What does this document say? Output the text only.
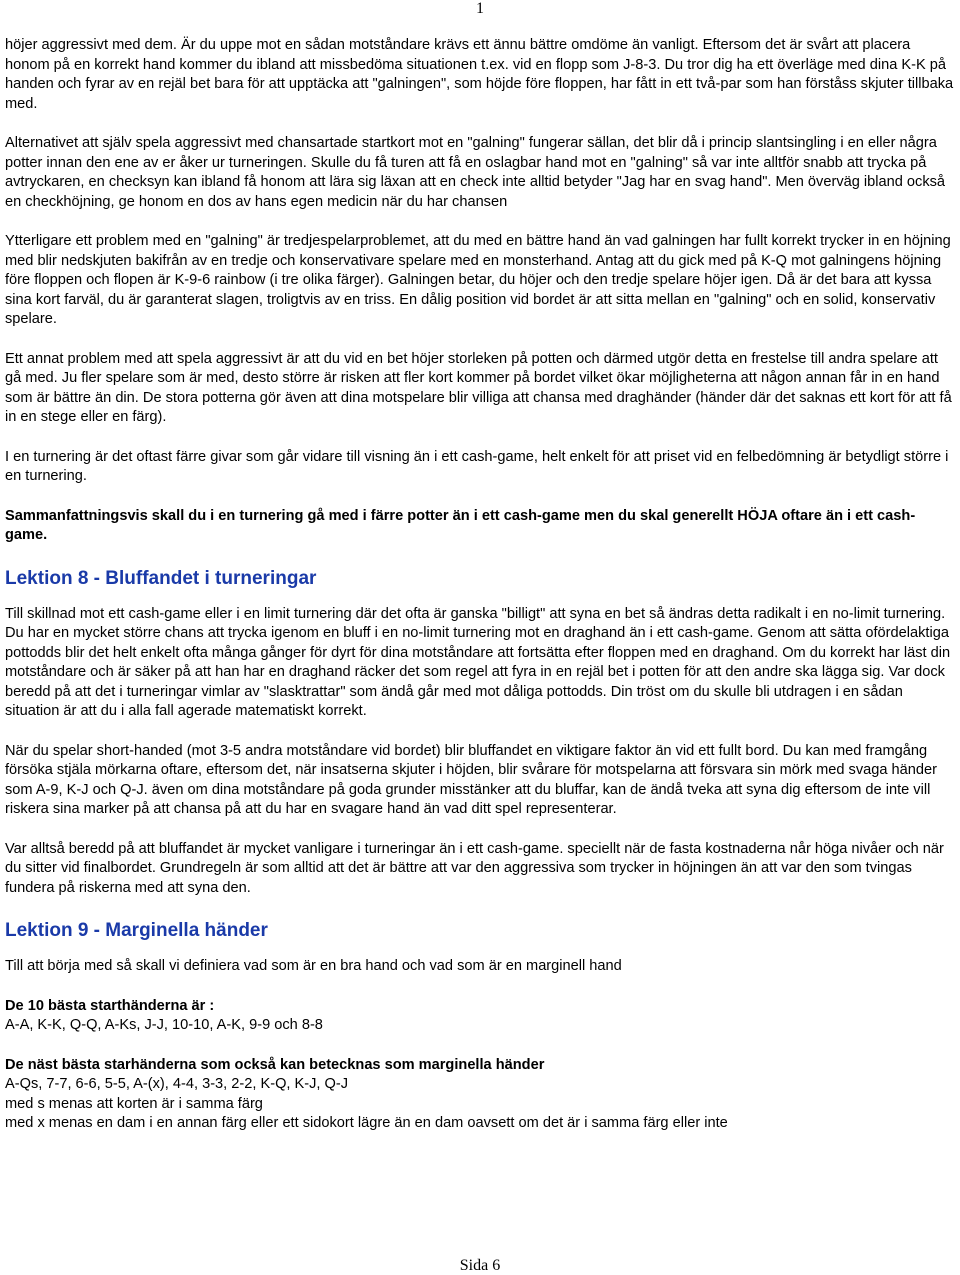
1

höjer aggressivt med dem. Är du uppe mot en sådan motståndare krävs ett ännu bättre omdöme än vanligt. Eftersom det är svårt att placera honom på en korrekt hand kommer du ibland att missbedöma situationen t.ex. vid en flopp som J-8-3. Du tror dig ha ett överläge med dina K-K på handen och fyrar av en rejäl bet bara för att upptäcka att "galningen", som höjde före floppen, har fått in ett två-par som han förståss skjuter tillbaka med.

Alternativet att själv spela aggressivt med chansartade startkort mot en "galning" fungerar sällan, det blir då i princip slantsingling i en eller några potter innan den ene av er åker ur turneringen. Skulle du få turen att få en oslagbar hand mot en "galning" så var inte alltför snabb att trycka på avtryckaren, en checksyn kan ibland få honom att lära sig läxan att en check inte alltid betyder "Jag har en svag hand". Men överväg ibland också en checkhöjning, ge honom en dos av hans egen medicin när du har chansen

Ytterligare ett problem med en "galning" är tredjespelarproblemet, att du med en bättre hand än vad galningen har fullt korrekt trycker in en höjning med blir nedskjuten bakifrån av en tredje och konservativare spelare med en monsterhand. Antag att du gick med på K-Q mot galningens höjning före floppen och flopen är K-9-6 rainbow (i tre olika färger). Galningen betar, du höjer och den tredje spelare höjer igen. Då är det bara att kyssa sina kort farväl, du är garanterat slagen, troligtvis av en triss. En dålig position vid bordet är att sitta mellan en "galning" och en solid, konservativ spelare.

Ett annat problem med att spela aggressivt är att du vid en bet höjer storleken på potten och därmed utgör detta en frestelse till andra spelare att gå med. Ju fler spelare som är med, desto större är risken att fler kort kommer på bordet vilket ökar möjligheterna att någon annan får in en hand som är bättre än din. De stora potterna gör även att dina motspelare blir villiga att chansa med draghänder (händer där det saknas ett kort för att få in en stege eller en färg).

I en turnering är det oftast färre givar som går vidare till visning än i ett cash-game, helt enkelt för att priset vid en felbedömning är betydligt större i en turnering.

Sammanfattningsvis skall du i en turnering gå med i färre potter än i ett cash-game men du skal generellt HÖJA oftare än i ett cash-game.

Lektion 8 - Bluffandet i turneringar

Till skillnad mot ett cash-game eller i en limit turnering där det ofta är ganska "billigt" att syna en bet så ändras detta radikalt i en no-limit turnering. Du har en mycket större chans att trycka igenom en bluff i en no-limit turnering mot en draghand än i ett cash-game. Genom att sätta ofördelaktiga pottodds blir det helt enkelt ofta många gånger för dyrt för dina motståndare att fortsätta efter floppen med en draghand. Om du korrekt har läst din motståndare och är säker på att han har en draghand räcker det som regel att fyra in en rejäl bet i potten för att den andre ska lägga sig. Var dock beredd på att det i turneringar vimlar av "slasktrattar" som ändå går med mot dåliga pottodds. Din tröst om du skulle bli utdragen i en sådan situation är att du i alla fall agerade matematiskt korrekt.

När du spelar short-handed (mot 3-5 andra motståndare vid bordet) blir bluffandet en viktigare faktor än vid ett fullt bord. Du kan med framgång försöka stjäla mörkarna oftare, eftersom det, när insatserna skjuter i höjden, blir svårare för motspelarna att försvara sin mörk med svaga händer som A-9, K-J och Q-J. även om dina motståndare på goda grunder misstänker att du bluffar, kan de ändå tveka att syna dig eftersom de inte vill riskera sina marker på att chansa på att du har en svagare hand än vad ditt spel representerar.

Var alltså beredd på att bluffandet är mycket vanligare i turneringar än i ett cash-game. speciellt när de fasta kostnaderna når höga nivåer och när du sitter vid finalbordet. Grundregeln är som alltid att det är bättre att var den aggressiva som trycker in höjningen än att var den som tvingas fundera på riskerna med att syna den.

Lektion 9 - Marginella händer

Till att börja med så skall vi definiera vad som är en bra hand och vad som är en marginell hand

De 10 bästa starthänderna är :

A-A, K-K, Q-Q, A-Ks, J-J, 10-10, A-K, 9-9 och 8-8

De näst bästa starhänderna som också kan betecknas som marginella händer

A-Qs, 7-7, 6-6, 5-5, A-(x), 4-4, 3-3, 2-2, K-Q, K-J, Q-J

med s menas att korten är i samma färg

med x menas en dam i en annan färg eller ett sidokort lägre än en dam oavsett om det är i samma färg eller inte

Sida 6
